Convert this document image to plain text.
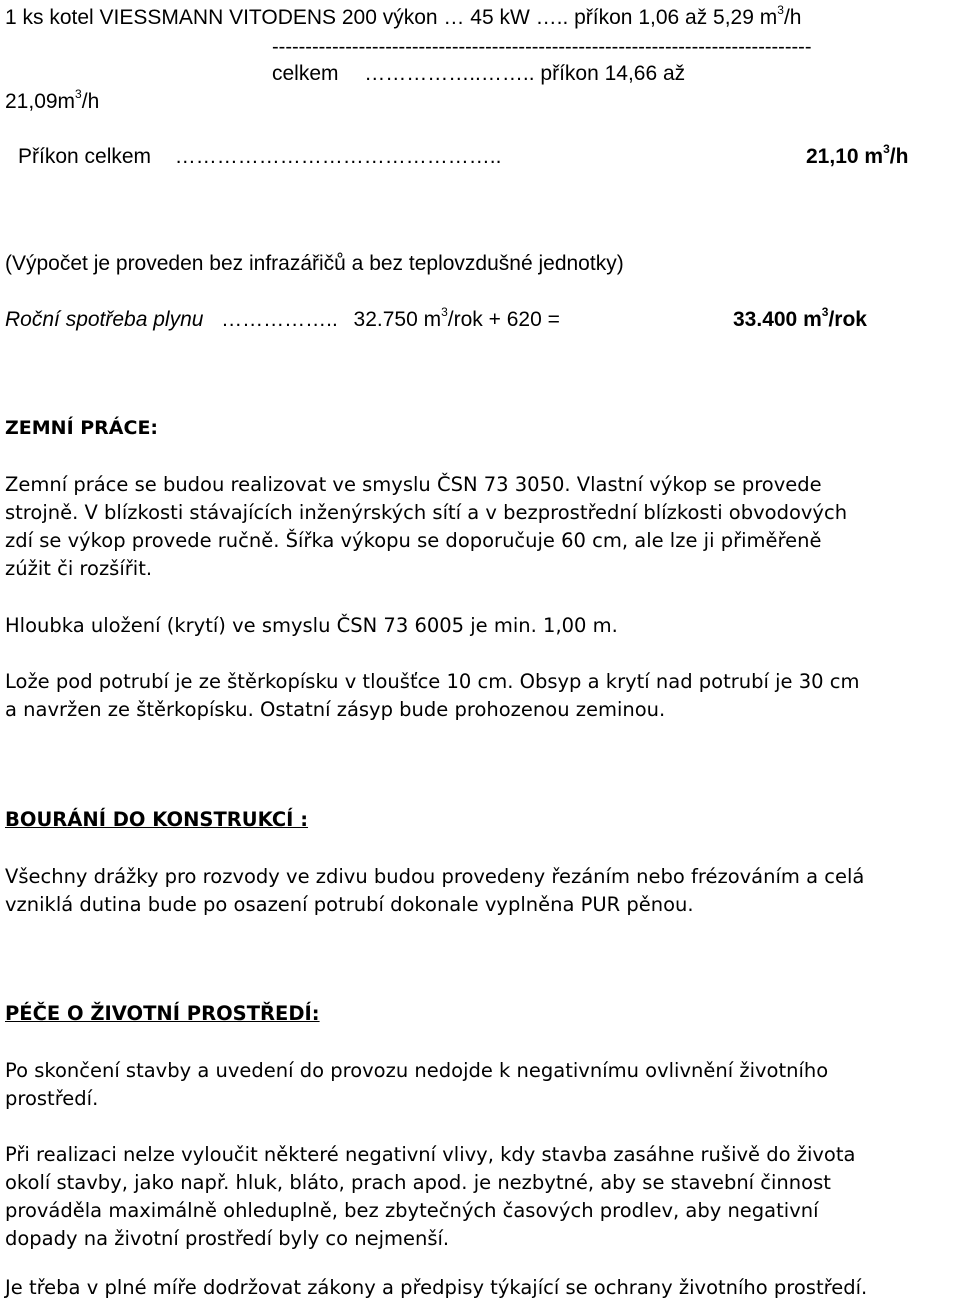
1 ks kotel VIESSMANN VITODENS 200 výkon … 45 kW ….. příkon 1,06 až 5,29 $m^3/h$
---------------------------------------------------------------------------------
celkem ……………..…….. příkon 14,66 až
$21,09m^3/h$
Příkon celkem ………………………………………..	21,10 $m^3/h$
(Výpočet je proveden bez infrazářičů a bez teplovzdušné jednotky)
Roční spotřeba plynu …………….. 32.750 $m^3$/rok + 620 =	33.400 $m^3$/rok
ZEMNÍ PRÁCE:
Zemní práce se budou realizovat ve smyslu ČSN 73 3050. Vlastní výkop se provede
strojně. V blízkosti stávajících inženýrských sítí a v bezprostřední blízkosti obvodových
zdí se výkop provede ručně. Šířka výkopu se doporučuje 60 cm, ale lze ji přiměřeně
zúžit či rozšířit.
Hloubka uložení (krytí) ve smyslu ČSN 73 6005 je min. 1,00 m.
Lože pod potrubí je ze štěrkopísku v tloušťce 10 cm. Obsyp a krytí nad potrubí je 30 cm
a navržen ze štěrkopísku. Ostatní zásyp bude prohozenou zeminou.
BOURÁNÍ DO KONSTRUKCÍ :
Všechny drážky pro rozvody ve zdivu budou provedeny řezáním nebo frézováním a celá
vzniklá dutina bude po osazení potrubí dokonale vyplněna PUR pěnou.
PÉČE O ŽIVOTNÍ PROSTŘEDÍ:
Po skončení stavby a uvedení do provozu nedojde k negativnímu ovlivnění životního
prostředí.
Při realizaci nelze vyloučit některé negativní vlivy, kdy stavba zasáhne rušivě do života
okolí stavby, jako např. hluk, bláto, prach apod. je nezbytné, aby se stavební činnost
prováděla maximálně ohleduplně, bez zbytečných časových prodlev, aby negativní
dopady na životní prostředí byly co nejmenší.
Je třeba v plné míře dodržovat zákony a předpisy týkající se ochrany životního prostředí.
